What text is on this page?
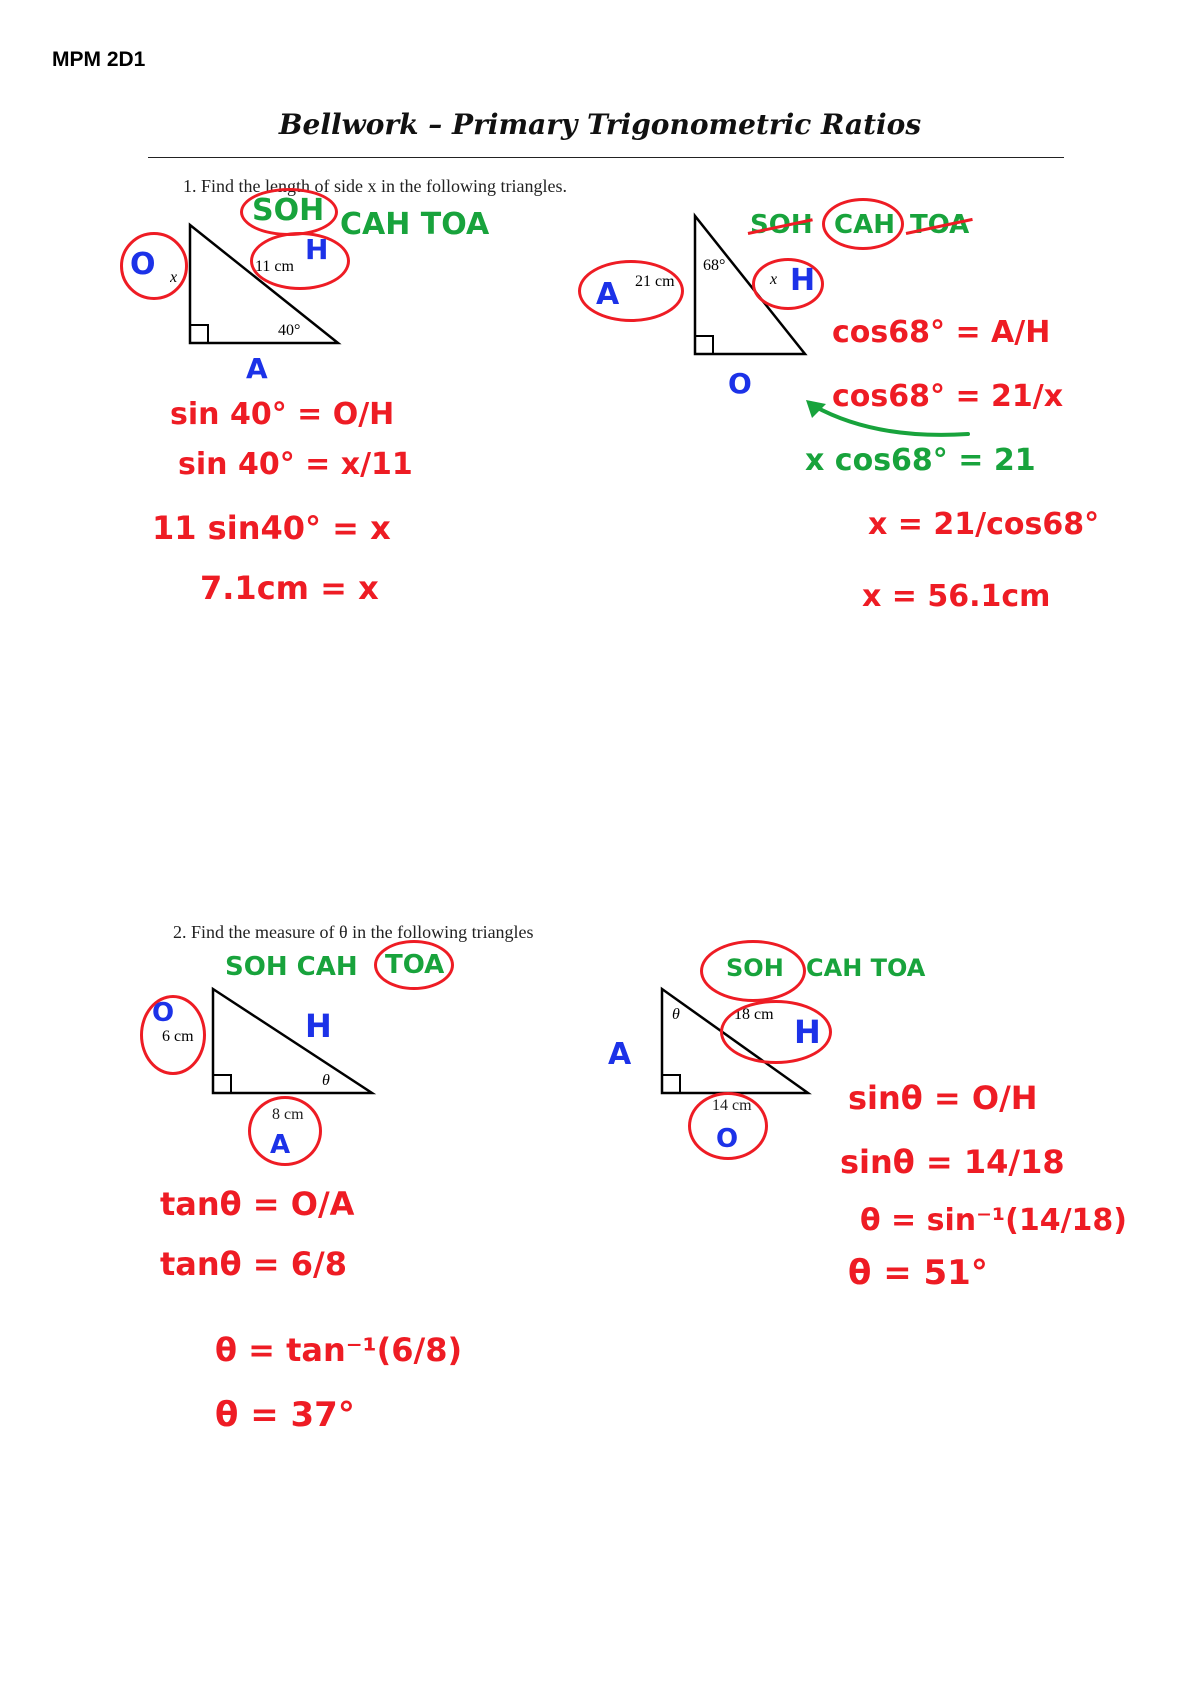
MPM 2D1
Bellwork – Primary Trigonometric Ratios
1. Find the length of side x in the following triangles.
x
11 cm
40°
O	H
A
SOH CAH TOA
sin 40° = O/H
sin 40° = x/11
11 sin40° = x
7.1cm = x
21 cm	x
68°
A	H
O
SOH CAH TOA
cos68° = A/H
cos68° = 21/x
x cos68° = 21
x = 21/cos68°
x = 56.1cm
2. Find the measure of θ in the following triangles
6 cm
θ
8 cm
O	H
A
SOH CAH TOA
tanθ = O/A
tanθ = 6/8
θ = tan⁻¹(6/8)
θ = 37°
θ	18 cm
14 cm
H
A
O
SOH CAH TOA
sinθ = O/H
sinθ = 14/18
θ = sin⁻¹(14/18)
θ = 51°
